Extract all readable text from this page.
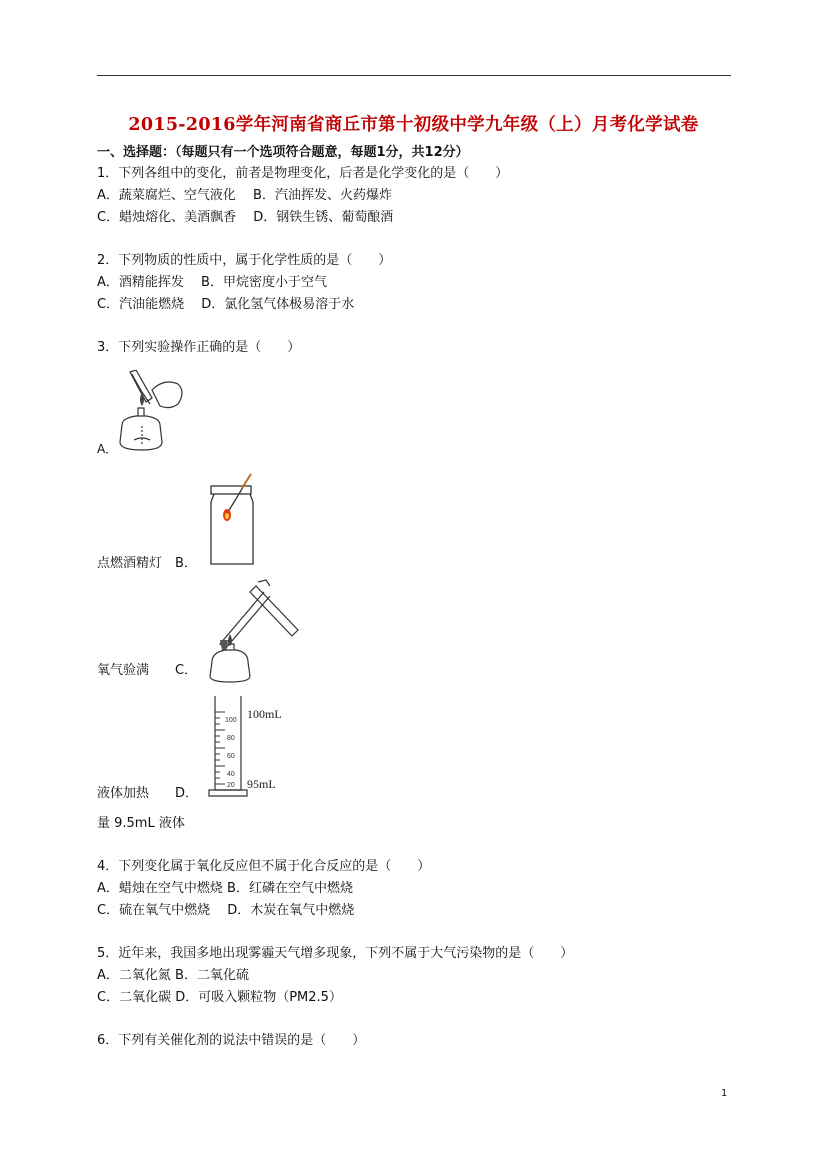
2015-2016学年河南省商丘市第十初级中学九年级（上）月考化学试卷
一、选择题：（每题只有一个选项符合题意，每题1分，共12分）
1．下列各组中的变化，前者是物理变化，后者是化学变化的是（　　）
A．蔬菜腐烂、空气液化　 B．汽油挥发、火药爆炸
C．蜡烛熔化、美酒飘香　 D．钢铁生锈、葡萄酿酒
2．下列物质的性质中，属于化学性质的是（　　）
A．酒精能挥发　 B．甲烷密度小于空气
C．汽油能燃烧　 D．氯化氢气体极易溶于水
3．下列实验操作正确的是（　　）
A．
点燃酒精灯　B．
氧气验满　　C．
100
80
60
40
20
100mL
95mL
液体加热　　D．
量 9.5mL 液体
4．下列变化属于氧化反应但不属于化合反应的是（　　）
A．蜡烛在空气中燃烧 B．红磷在空气中燃烧
C．硫在氧气中燃烧　 D．木炭在氧气中燃烧
5．近年来，我国多地出现雾霾天气增多现象，下列不属于大气污染物的是（　　）
A．二氧化氮 B．二氧化硫
C．二氧化碳 D．可吸入颗粒物（PM2.5）
6．下列有关催化剂的说法中错误的是（　　）
1
